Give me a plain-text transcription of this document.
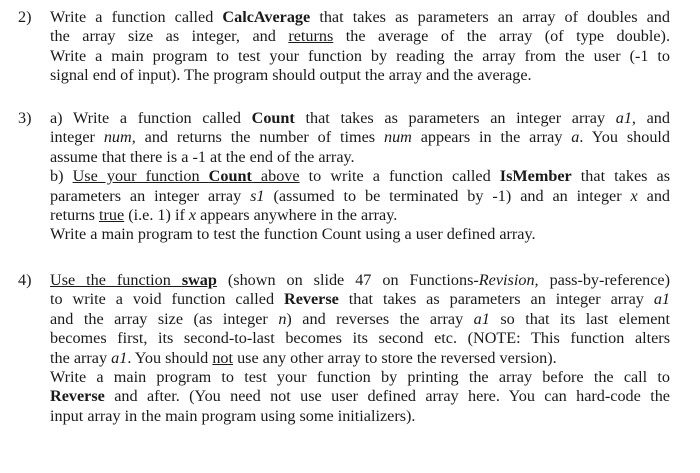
2)	Write a function called CalcAverage that takes as parameters an array of doubles and
the array size as integer, and returns the average of the array (of type double).
Write a main program to test your function by reading the array from the user (-1 to
signal end of input). The program should output the array and the average.
3)	a) Write a function called Count that takes as parameters an integer array a1, and
integer num, and returns the number of times num appears in the array a. You should
assume that there is a -1 at the end of the array.
b) Use your function Count above to write a function called IsMember that takes as
parameters an integer array s1 (assumed to be terminated by -1) and an integer x and
returns true (i.e. 1) if x appears anywhere in the array.
Write a main program to test the function Count using a user defined array.
4)	Use the function swap (shown on slide 47 on Functions-Revision, pass-by-reference)
to write a void function called Reverse that takes as parameters an integer array a1
and the array size (as integer n) and reverses the array a1 so that its last element
becomes first, its second-to-last becomes its second etc. (NOTE: This function alters
the array a1. You should not use any other array to store the reversed version).
Write a main program to test your function by printing the array before the call to
Reverse and after. (You need not use user defined array here. You can hard-code the
input array in the main program using some initializers).
